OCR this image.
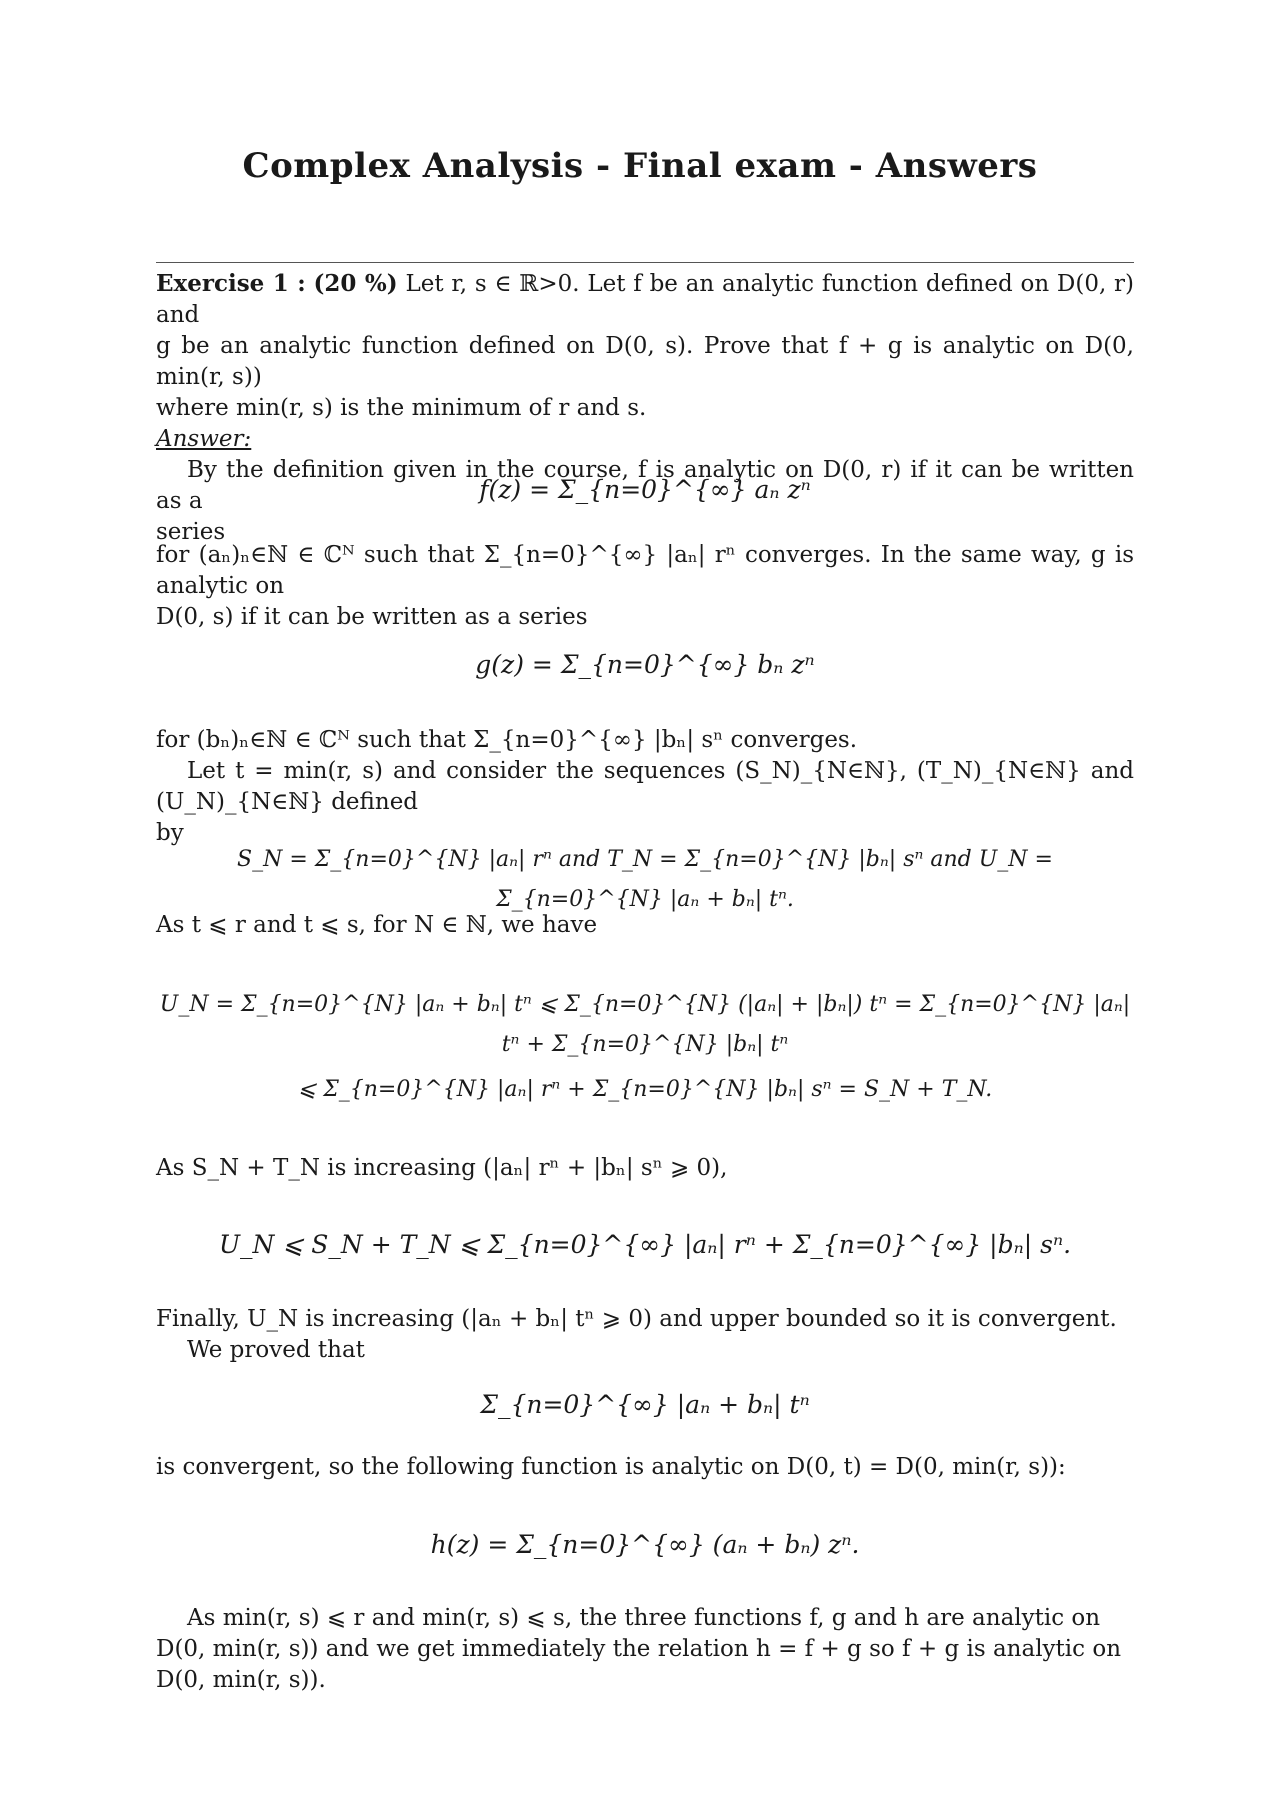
Complex Analysis - Final exam - Answers
Exercise 1 : (20 %) Let r, s ∈ ℝ>0. Let f be an analytic function defined on D(0, r) and
g be an analytic function defined on D(0, s). Prove that f + g is analytic on D(0, min(r, s))
where min(r, s) is the minimum of r and s.
Answer:
By the definition given in the course, f is analytic on D(0, r) if it can be written as a
series
f(z) = Σ_{n=0}^{∞} aₙ zⁿ
for (aₙ)ₙ∈ℕ ∈ ℂᴺ such that Σ_{n=0}^{∞} |aₙ| rⁿ converges. In the same way, g is analytic on
D(0, s) if it can be written as a series
g(z) = Σ_{n=0}^{∞} bₙ zⁿ
for (bₙ)ₙ∈ℕ ∈ ℂᴺ such that Σ_{n=0}^{∞} |bₙ| sⁿ converges.
Let t = min(r, s) and consider the sequences (S_N)_{N∈ℕ}, (T_N)_{N∈ℕ} and (U_N)_{N∈ℕ} defined
by
S_N = Σ_{n=0}^{N} |aₙ| rⁿ and T_N = Σ_{n=0}^{N} |bₙ| sⁿ and U_N = Σ_{n=0}^{N} |aₙ + bₙ| tⁿ.
As t ⩽ r and t ⩽ s, for N ∈ ℕ, we have
U_N = Σ_{n=0}^{N} |aₙ + bₙ| tⁿ ⩽ Σ_{n=0}^{N} (|aₙ| + |bₙ|) tⁿ = Σ_{n=0}^{N} |aₙ| tⁿ + Σ_{n=0}^{N} |bₙ| tⁿ
⩽ Σ_{n=0}^{N} |aₙ| rⁿ + Σ_{n=0}^{N} |bₙ| sⁿ = S_N + T_N.
As S_N + T_N is increasing (|aₙ| rⁿ + |bₙ| sⁿ ⩾ 0),
U_N ⩽ S_N + T_N ⩽ Σ_{n=0}^{∞} |aₙ| rⁿ + Σ_{n=0}^{∞} |bₙ| sⁿ.
Finally, U_N is increasing (|aₙ + bₙ| tⁿ ⩾ 0) and upper bounded so it is convergent.
We proved that
Σ_{n=0}^{∞} |aₙ + bₙ| tⁿ
is convergent, so the following function is analytic on D(0, t) = D(0, min(r, s)):
h(z) = Σ_{n=0}^{∞} (aₙ + bₙ) zⁿ.
As min(r, s) ⩽ r and min(r, s) ⩽ s, the three functions f, g and h are analytic on
D(0, min(r, s)) and we get immediately the relation h = f + g so f + g is analytic on
D(0, min(r, s)).
